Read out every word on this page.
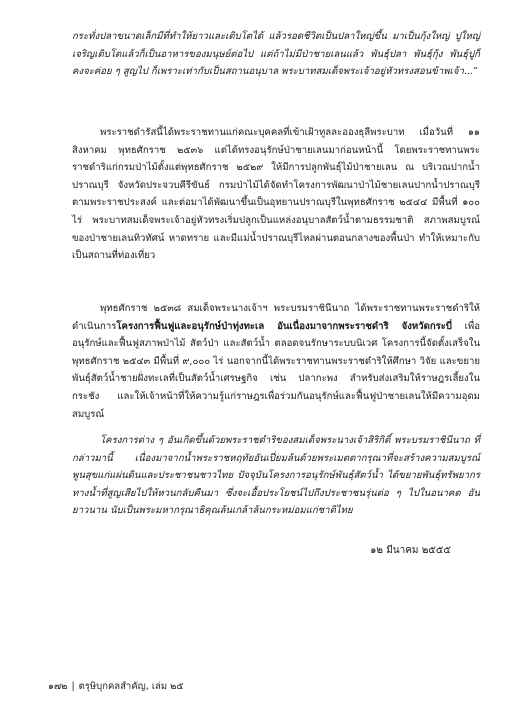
กระทั่งปลาขนาดเล็กมีที่ทำให้ยาวและเติบโตได้ แล้วรอดชีวิตเป็นปลาใหญ่ขึ้น มาเป็นกุ้งใหญ่ ปูใหญ่ เจริญเติบโตแล้วก็เป็นอาหารของมนุษย์ต่อไป แต่ถ้าไม่มีป่าชายเลนแล้ว พันธุ์ปลา พันธุ์กุ้ง พันธุ์ปูก็คงจะค่อย ๆ สูญไป ก็เพราะเท่ากับเป็นสถานอนุบาล พระบาทสมเด็จพระเจ้าอยู่หัวทรงสอนข้าพเจ้า...”

พระราชดำรัสนี้ได้พระราชทานแก่คณะบุคคลที่เข้าเฝ้าทูลละอองธุลีพระบาท เมื่อวันที่ ๑๑ สิงหาคม พุทธศักราช ๒๕๓๖ แต่ได้ทรงอนุรักษ์ป่าชายเลนมาก่อนหน้านี้ โดยพระราชทานพระราชดำริแก่กรมป่าไม้ตั้งแต่พุทธศักราช ๒๕๒๙ ให้มีการปลูกพันธุ์ไม้ป่าชายเลน ณ บริเวณปากน้ำปราณบุรี จังหวัดประจวบคีรีขันธ์ กรมป่าไม้ได้จัดทำโครงการพัฒนาป่าไม้ชายเลนปากน้ำปราณบุรีตามพระราชประสงค์ และต่อมาได้พัฒนาขึ้นเป็นอุทยานปราณบุรีในพุทธศักราช ๒๕๔๔ มีพื้นที่ ๑๐๐ ไร่ พระบาทสมเด็จพระเจ้าอยู่หัวทรงเริ่มปลูกเป็นแหล่งอนุบาลสัตว์น้ำตามธรรมชาติ สภาพสมบูรณ์ของป่าชายเลนทิวทัศน์ หาดทราย และมีแม่น้ำปราณบุรีไหลผ่านตอนกลางของพื้นป่า ทำให้เหมาะกับเป็นสถานที่ท่องเที่ยว

พุทธศักราช ๒๕๓๘ สมเด็จพระนางเจ้าฯ พระบรมราชินีนาถ ได้พระราชทานพระราชดำริให้ดำเนินการโครงการฟื้นฟูและอนุรักษ์ป่าทุ่งทะเล อันเนื่องมาจากพระราชดำริ จังหวัดกระบี่ เพื่ออนุรักษ์และฟื้นฟูสภาพป่าไม้ สัตว์ป่า และสัตว์น้ำ ตลอดจนรักษาระบบนิเวศ โครงการนี้จัดตั้งเสร็จในพุทธศักราช ๒๕๔๓ มีพื้นที่ ๙,๐๐๐ ไร่ นอกจากนี้ได้พระราชทานพระราชดำริให้ศึกษา วิจัย และขยายพันธุ์สัตว์น้ำชายฝั่งทะเลที่เป็นสัตว์น้ำเศรษฐกิจ เช่น ปลากะพง สำหรับส่งเสริมให้ราษฎรเลี้ยงในกระชัง และให้เจ้าหน้าที่ให้ความรู้แก่ราษฎรเพื่อร่วมกันอนุรักษ์และฟื้นฟูป่าชายเลนให้มีความอุดมสมบูรณ์

โครงการต่าง ๆ อันเกิดขึ้นด้วยพระราชดำริของสมเด็จพระนางเจ้าสิริกิติ์ พระบรมราชินีนาถ ที่กล่าวมานี้ เนื่องมาจากน้ำพระราชหฤทัยอันเปี่ยมล้นด้วยพระเมตตากรุณาที่จะสร้างความสมบูรณ์พูนสุขแก่แผ่นดินและประชาชนชาวไทย ปัจจุบันโครงการอนุรักษ์พันธุ์สัตว์น้ำ ได้ขยายพันธุ์ทรัพยากรทางน้ำที่สูญเสียไปให้หวนกลับคืนมา ซึ่งจะเอื้อประโยชน์ไปถึงประชาชนรุ่นต่อ ๆ ไปในอนาคต อันยาวนาน นับเป็นพระมหากรุณาธิคุณล้นเกล้าล้นกระหม่อมแก่ชาติไทย

๑๒ มีนาคม ๒๕๕๕

๑๗๒ | ตรุษิบุกคลสำคัญ, เล่ม ๒๕
